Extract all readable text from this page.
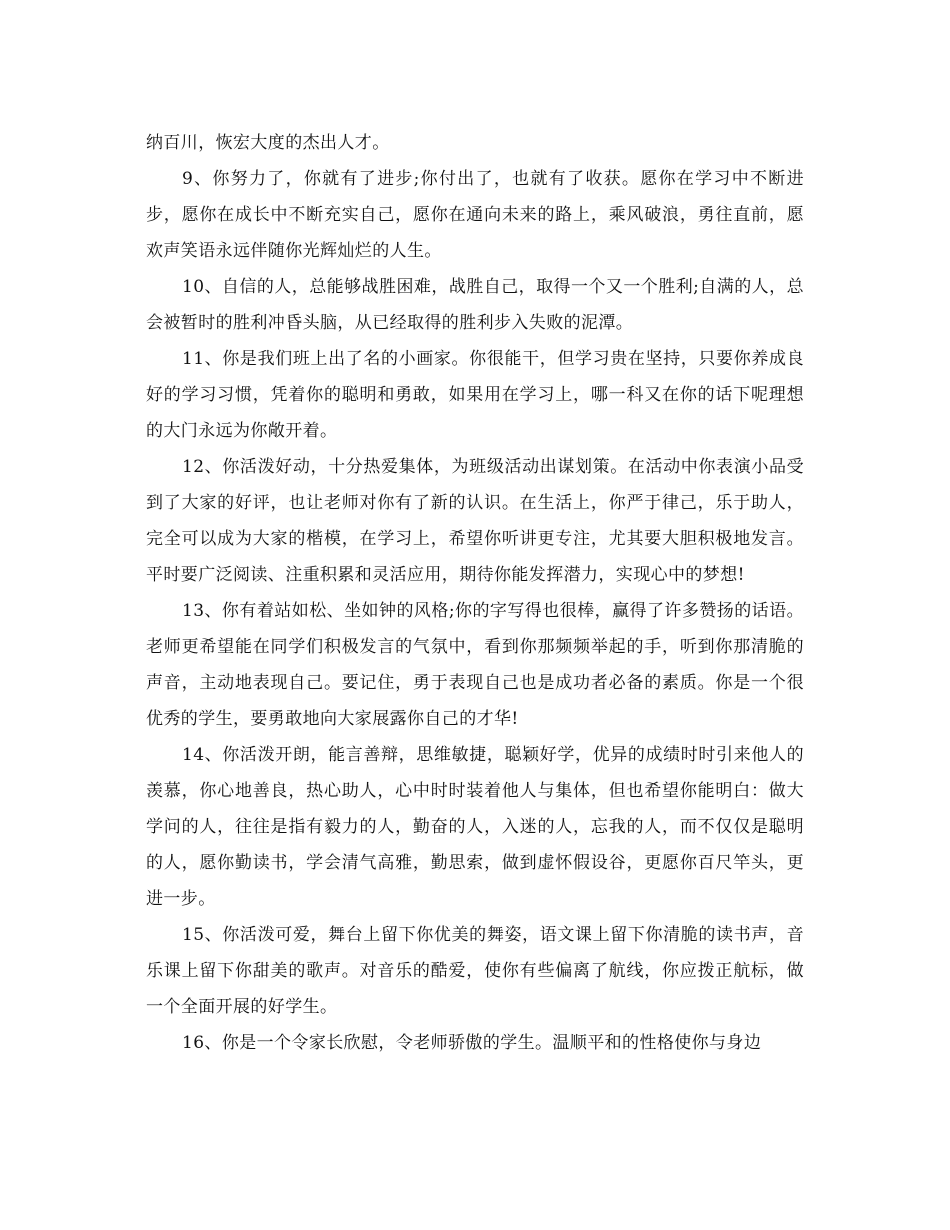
纳百川，恢宏大度的杰出人才。

9、你努力了，你就有了进步;你付出了，也就有了收获。愿你在学习中不断进步，愿你在成长中不断充实自己，愿你在通向未来的路上，乘风破浪，勇往直前，愿欢声笑语永远伴随你光辉灿烂的人生。

10、自信的人，总能够战胜困难，战胜自己，取得一个又一个胜利;自满的人，总会被暂时的胜利冲昏头脑，从已经取得的胜利步入失败的泥潭。

11、你是我们班上出了名的小画家。你很能干，但学习贵在坚持，只要你养成良好的学习习惯，凭着你的聪明和勇敢，如果用在学习上，哪一科又在你的话下呢理想的大门永远为你敞开着。

12、你活泼好动，十分热爱集体，为班级活动出谋划策。在活动中你表演小品受到了大家的好评，也让老师对你有了新的认识。在生活上，你严于律己，乐于助人，完全可以成为大家的楷模，在学习上，希望你听讲更专注，尤其要大胆积极地发言。平时要广泛阅读、注重积累和灵活应用，期待你能发挥潜力，实现心中的梦想!

13、你有着站如松、坐如钟的风格;你的字写得也很棒，赢得了许多赞扬的话语。老师更希望能在同学们积极发言的气氛中，看到你那频频举起的手，听到你那清脆的声音，主动地表现自己。要记住，勇于表现自己也是成功者必备的素质。你是一个很优秀的学生，要勇敢地向大家展露你自己的才华!

14、你活泼开朗，能言善辩，思维敏捷，聪颖好学，优异的成绩时时引来他人的羡慕，你心地善良，热心助人，心中时时装着他人与集体，但也希望你能明白：做大学问的人，往往是指有毅力的人，勤奋的人，入迷的人，忘我的人，而不仅仅是聪明的人，愿你勤读书，学会清气高雅，勤思索，做到虚怀假设谷，更愿你百尺竿头，更进一步。

15、你活泼可爱，舞台上留下你优美的舞姿，语文课上留下你清脆的读书声，音乐课上留下你甜美的歌声。对音乐的酷爱，使你有些偏离了航线，你应拨正航标，做一个全面开展的好学生。

16、你是一个令家长欣慰，令老师骄傲的学生。温顺平和的性格使你与身边
